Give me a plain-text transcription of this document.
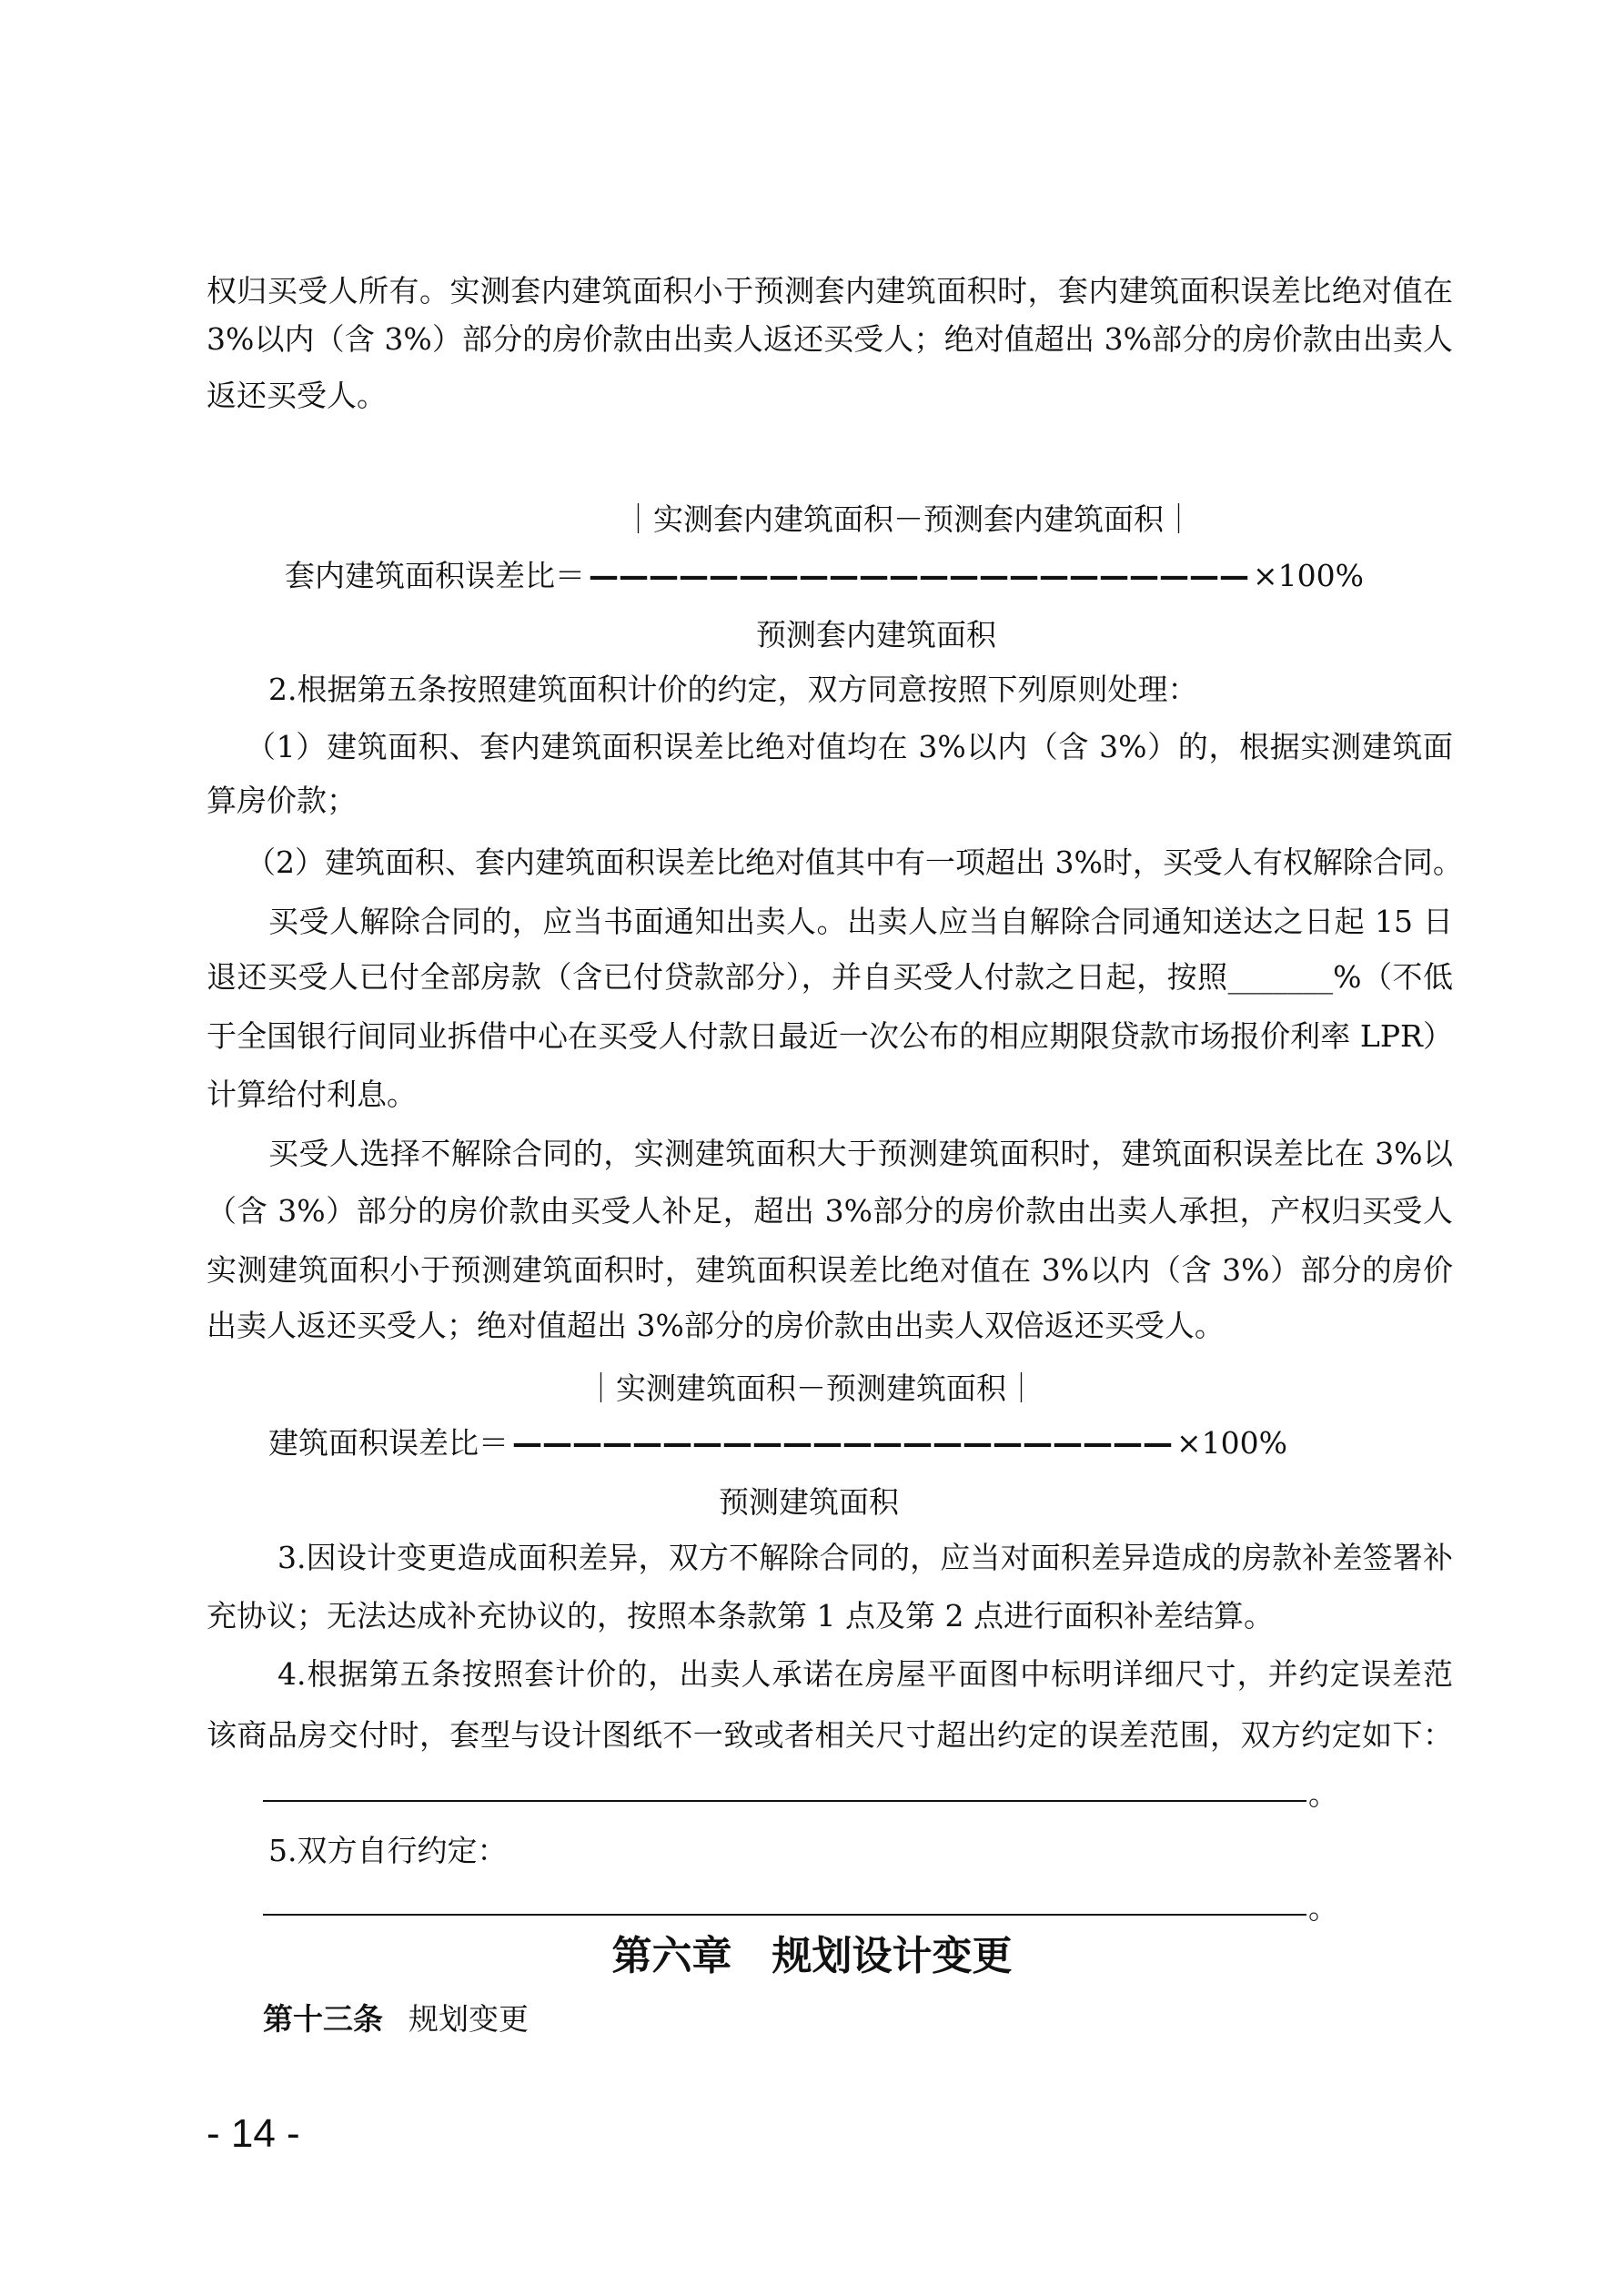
权归买受人所有。实测套内建筑面积小于预测套内建筑面积时，套内建筑面积误差比绝对值在
3%以内（含 3%）部分的房价款由出卖人返还买受人；绝对值超出 3%部分的房价款由出卖人
返还买受人。
｜实测套内建筑面积－预测套内建筑面积｜
套内建筑面积误差比＝ —————————————————————— ×100%
预测套内建筑面积
2.根据第五条按照建筑面积计价的约定，双方同意按照下列原则处理：
（1）建筑面积、套内建筑面积误差比绝对值均在 3%以内（含 3%）的，根据实测建筑面
算房价款；
（2）建筑面积、套内建筑面积误差比绝对值其中有一项超出 3%时，买受人有权解除合同。
买受人解除合同的，应当书面通知出卖人。出卖人应当自解除合同通知送达之日起 15 日
退还买受人已付全部房款（含已付贷款部分），并自买受人付款之日起，按照_______%（不低
于全国银行间同业拆借中心在买受人付款日最近一次公布的相应期限贷款市场报价利率 LPR）
计算给付利息。
买受人选择不解除合同的，实测建筑面积大于预测建筑面积时，建筑面积误差比在 3%以
（含 3%）部分的房价款由买受人补足，超出 3%部分的房价款由出卖人承担，产权归买受人
实测建筑面积小于预测建筑面积时，建筑面积误差比绝对值在 3%以内（含 3%）部分的房价
出卖人返还买受人；绝对值超出 3%部分的房价款由出卖人双倍返还买受人。
｜实测建筑面积－预测建筑面积｜
建筑面积误差比＝ —————————————————————— ×100%
预测建筑面积
3.因设计变更造成面积差异，双方不解除合同的，应当对面积差异造成的房款补差签署补
充协议；无法达成补充协议的，按照本条款第 1 点及第 2 点进行面积补差结算。
4.根据第五条按照套计价的，出卖人承诺在房屋平面图中标明详细尺寸，并约定误差范
该商品房交付时，套型与设计图纸不一致或者相关尺寸超出约定的误差范围，双方约定如下：
。
5.双方自行约定：
。
第六章　规划设计变更
第十三条 规划变更
- 14 -
